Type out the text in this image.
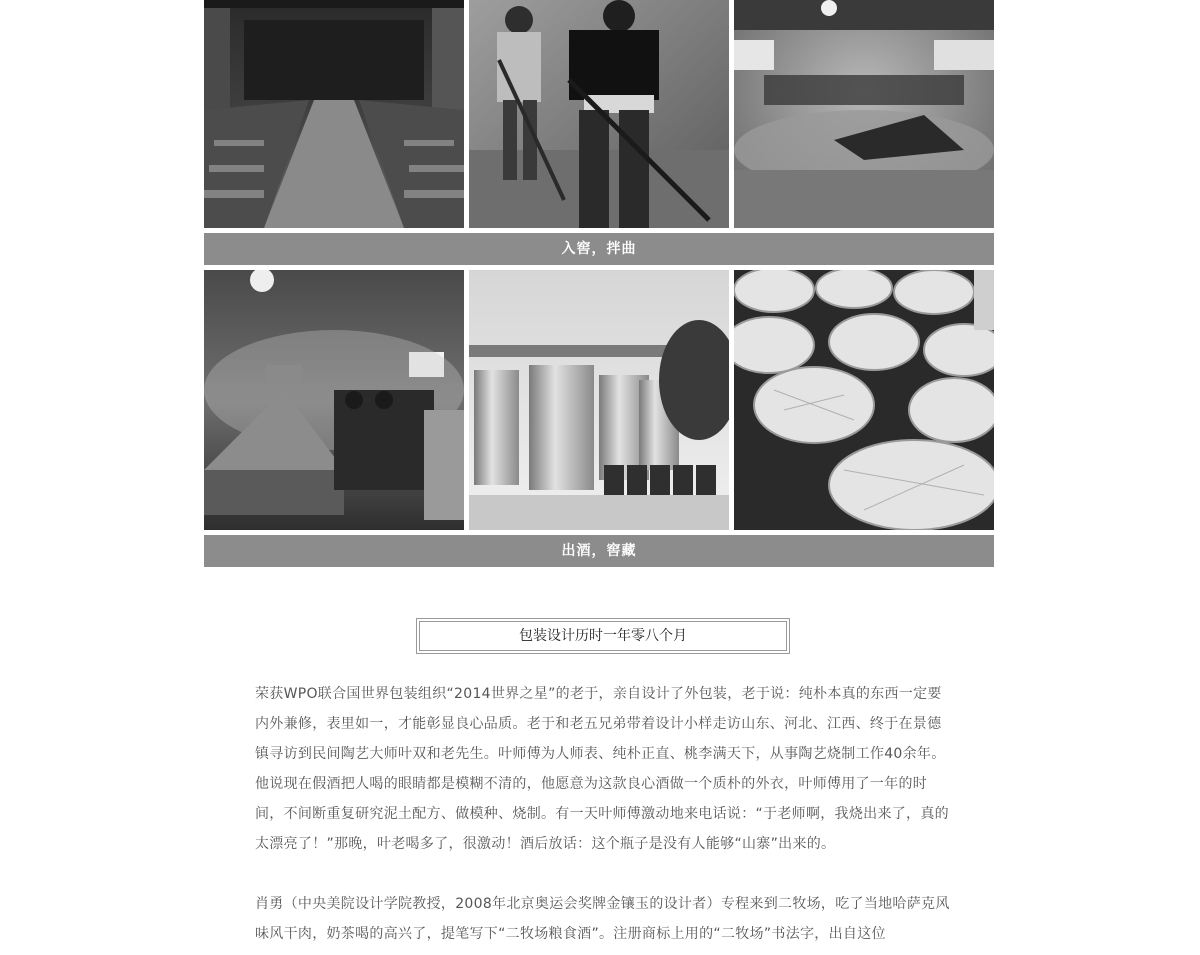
入窖，拌曲
出酒，窖藏
包装设计历时一年零八个月

荣获WPO联合国世界包装组织“2014世界之星”的老于，亲自设计了外包装，老于说：纯朴本真的东西一定要内外兼修，表里如一，才能彰显良心品质。老于和老五兄弟带着设计小样走访山东、河北、江西、终于在景德镇寻访到民间陶艺大师叶双和老先生。叶师傅为人师表、纯朴正直、桃李满天下，从事陶艺烧制工作40余年。他说现在假酒把人喝的眼睛都是模糊不清的，他愿意为这款良心酒做一个质朴的外衣，叶师傅用了一年的时间，不间断重复研究泥土配方、做模种、烧制。有一天叶师傅激动地来电话说：“于老师啊，我烧出来了，真的太漂亮了！”那晚，叶老喝多了，很激动！酒后放话：这个瓶子是没有人能够“山寨”出来的。

肖勇（中央美院设计学院教授，2008年北京奥运会奖牌金镶玉的设计者）专程来到二牧场，吃了当地哈萨克风味风干肉，奶茶喝的高兴了，提笔写下“二牧场粮食酒”。注册商标上用的“二牧场”书法字，出自这位
